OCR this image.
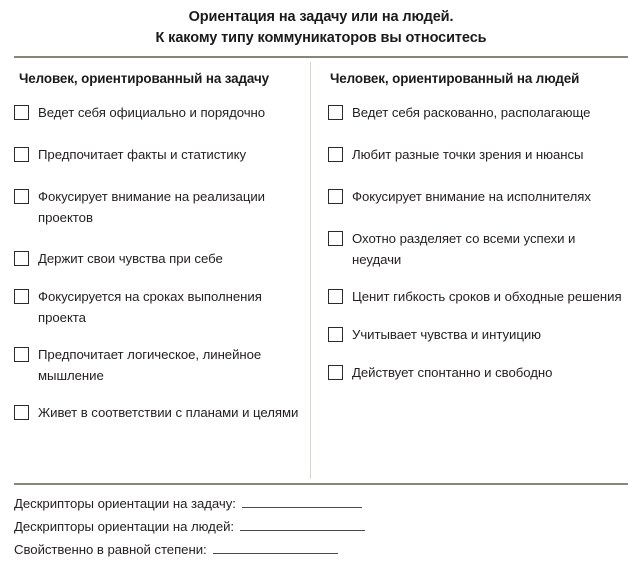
Ориентация на задачу или на людей.
К какому типу коммуникаторов вы относитесь
Человек, ориентированный на задачу
Ведет себя официально и порядочно
Предпочитает факты и статистику
Фокусирует внимание на реализации проектов
Держит свои чувства при себе
Фокусируется на сроках выполнения проекта
Предпочитает логическое, линейное мышление
Живет в соответствии с планами и целями
Человек, ориентированный на людей
Ведет себя раскованно, располагающе
Любит разные точки зрения и нюансы
Фокусирует внимание на исполнителях
Охотно разделяет со всеми успехи и неудачи
Ценит гибкость сроков и обходные решения
Учитывает чувства и интуицию
Действует спонтанно и свободно
Дескрипторы ориентации на задачу:
Дескрипторы ориентации на людей:
Свойственно в равной степени:
